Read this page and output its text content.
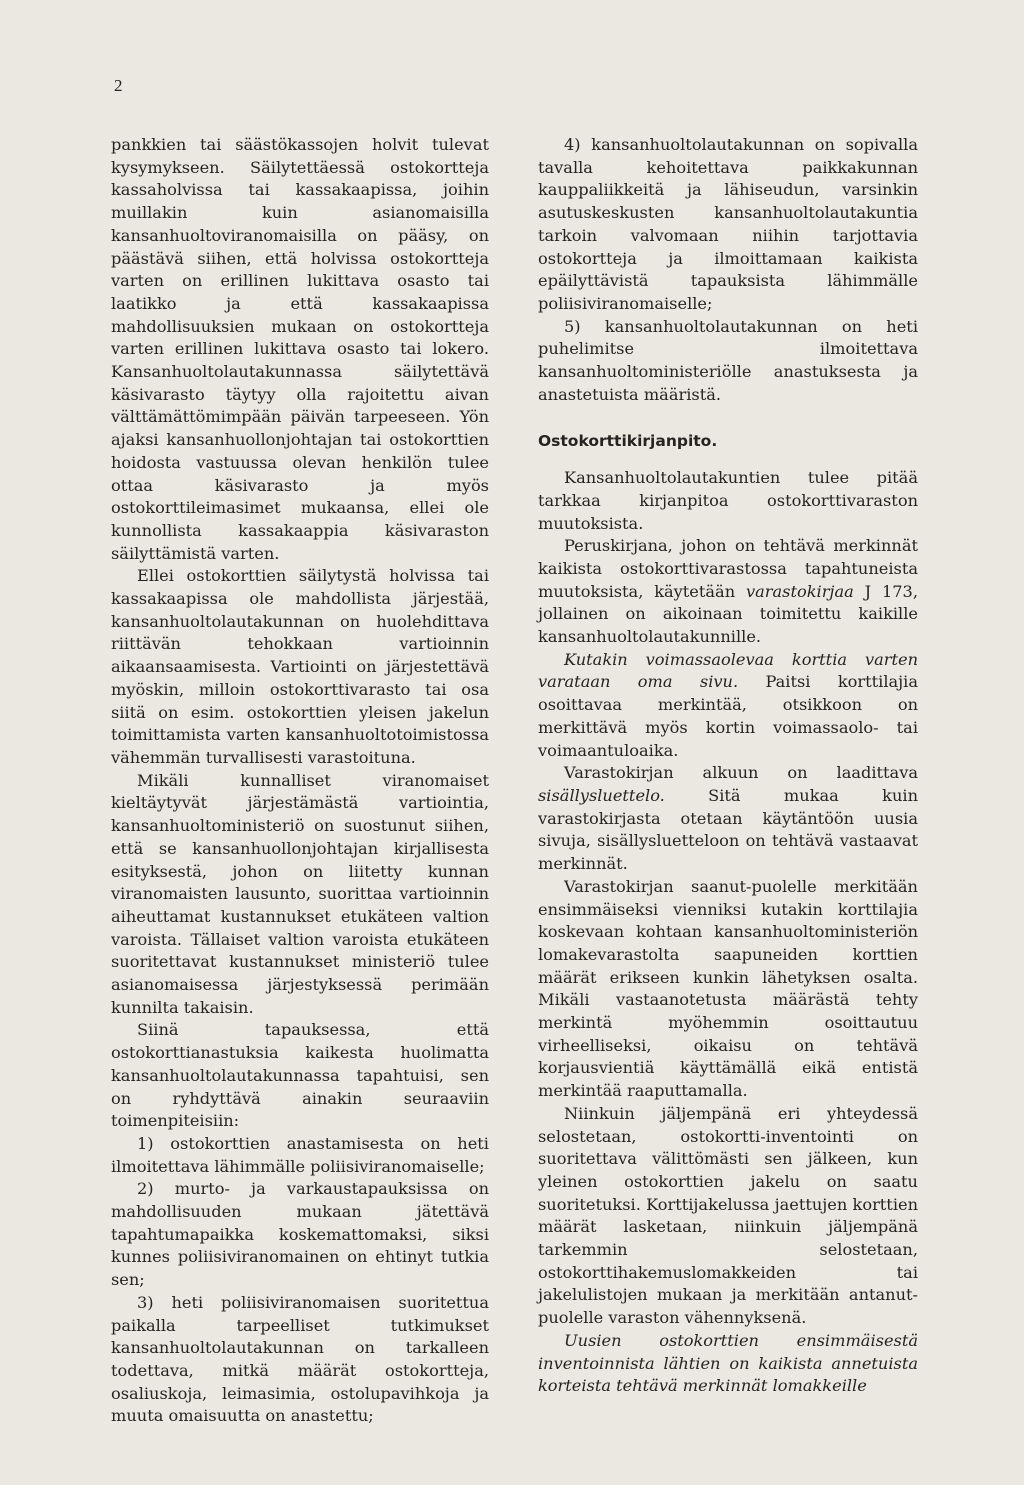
2

pankkien tai säästökassojen holvit tulevat kysymykseen. Säilytettäessä ostokortteja kassaholvissa tai kassakaapissa, joihin muillakin kuin asianomaisilla kansanhuoltoviranomaisilla on pääsy, on päästävä siihen, että holvissa ostokortteja varten on erillinen lukittava osasto tai laatikko ja että kassakaapissa mahdollisuuksien mukaan on ostokortteja varten erillinen lukittava osasto tai lokero. Kansanhuoltolautakunnassa säilytettävä käsivarasto täytyy olla rajoitettu aivan välttämättömimpään päivän tarpeeseen. Yön ajaksi kansanhuollonjohtajan tai ostokorttien hoidosta vastuussa olevan henkilön tulee ottaa käsivarasto ja myös ostokorttileimasimet mukaansa, ellei ole kunnollista kassakaappia käsivaraston säilyttämistä varten.

Ellei ostokorttien säilytystä holvissa tai kassakaapissa ole mahdollista järjestää, kansanhuoltolautakunnan on huolehdittava riittävän tehokkaan vartioinnin aikaansaamisesta. Vartiointi on järjestettävä myöskin, milloin ostokorttivarasto tai osa siitä on esim. ostokorttien yleisen jakelun toimittamista varten kansanhuoltotoimistossa vähemmän turvallisesti varastoituna.

Mikäli kunnalliset viranomaiset kieltäytyvät järjestämästä vartiointia, kansanhuoltoministeriö on suostunut siihen, että se kansanhuollonjohtajan kirjallisesta esityksestä, johon on liitetty kunnan viranomaisten lausunto, suorittaa vartioinnin aiheuttamat kustannukset etukäteen valtion varoista. Tällaiset valtion varoista etukäteen suoritettavat kustannukset ministeriö tulee asianomaisessa järjestyksessä perimään kunnilta takaisin.

Siinä tapauksessa, että ostokorttianastuksia kaikesta huolimatta kansanhuoltolautakunnassa tapahtuisi, sen on ryhdyttävä ainakin seuraaviin toimenpiteisiin:

1) ostokorttien anastamisesta on heti ilmoitettava lähimmälle poliisiviranomaiselle;

2) murto- ja varkaustapauksissa on mahdollisuuden mukaan jätettävä tapahtumapaikka koskemattomaksi, siksi kunnes poliisiviranomainen on ehtinyt tutkia sen;

3) heti poliisiviranomaisen suoritettua paikalla tarpeelliset tutkimukset kansanhuoltolautakunnan on tarkalleen todettava, mitkä määrät ostokortteja, osaliuskoja, leimasimia, ostolupavihkoja ja muuta omaisuutta on anastettu;

4) kansanhuoltolautakunnan on sopivalla tavalla kehoitettava paikkakunnan kauppaliikkeitä ja lähiseudun, varsinkin asutuskeskusten kansanhuoltolautakuntia tarkoin valvomaan niihin tarjottavia ostokortteja ja ilmoittamaan kaikista epäilyttävistä tapauksista lähimmälle poliisiviranomaiselle;

5) kansanhuoltolautakunnan on heti puhelimitse ilmoitettava kansanhuoltoministeriölle anastuksesta ja anastetuista määristä.

Ostokorttikirjanpito.

Kansanhuoltolautakuntien tulee pitää tarkkaa kirjanpitoa ostokorttivaraston muutoksista.

Peruskirjana, johon on tehtävä merkinnät kaikista ostokorttivarastossa tapahtuneista muutoksista, käytetään varastokirjaa J 173, jollainen on aikoinaan toimitettu kaikille kansanhuoltolautakunnille.

Kutakin voimassaolevaa korttia varten varataan oma sivu. Paitsi korttilajia osoittavaa merkintää, otsikkoon on merkittävä myös kortin voimassaolo- tai voimaantuloaika.

Varastokirjan alkuun on laadittava sisällysluettelo. Sitä mukaa kuin varastokirjasta otetaan käytäntöön uusia sivuja, sisällysluetteloon on tehtävä vastaavat merkinnät.

Varastokirjan saanut-puolelle merkitään ensimmäiseksi vienniksi kutakin korttilajia koskevaan kohtaan kansanhuoltoministeriön lomakevarastolta saapuneiden korttien määrät erikseen kunkin lähetyksen osalta. Mikäli vastaanotetusta määrästä tehty merkintä myöhemmin osoittautuu virheelliseksi, oikaisu on tehtävä korjausvientiä käyttämällä eikä entistä merkintää raaputtamalla.

Niinkuin jäljempänä eri yhteydessä selostetaan, ostokortti-inventointi on suoritettava välittömästi sen jälkeen, kun yleinen ostokorttien jakelu on saatu suoritetuksi. Korttijakelussa jaettujen korttien määrät lasketaan, niinkuin jäljempänä tarkemmin selostetaan, ostokorttihakemuslomakkeiden tai jakelulistojen mukaan ja merkitään antanut-puolelle varaston vähennyksenä.

Uusien ostokorttien ensimmäisestä inventoinnista lähtien on kaikista annetuista korteista tehtävä merkinnät lomakkeille
